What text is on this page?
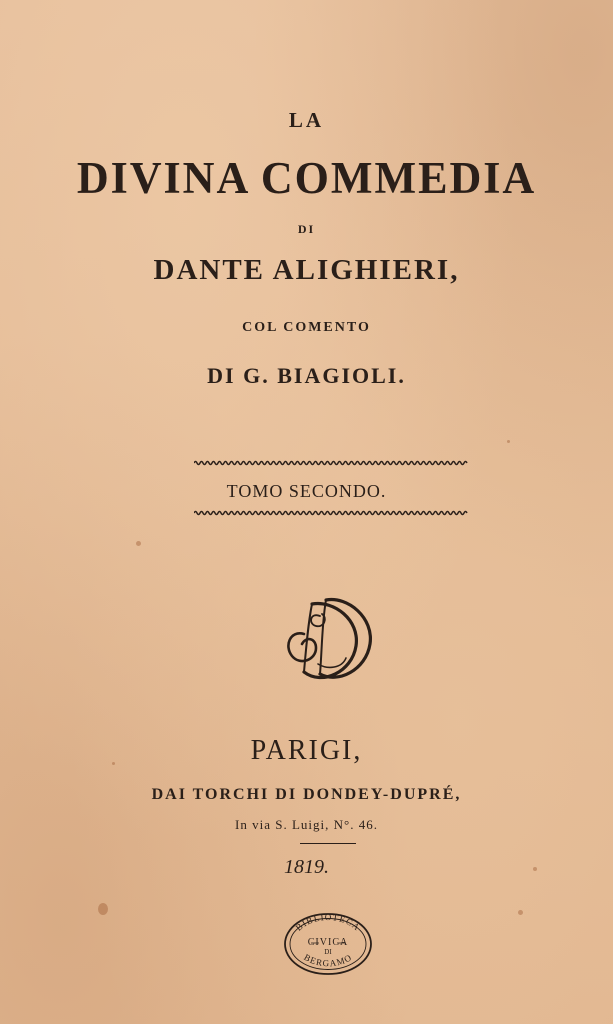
LA
DIVINA COMMEDIA
DI
DANTE ALIGHIERI,
COL COMENTO
DI G. BIAGIOLI.
TOMO SECONDO.
PARIGI,
DAI TORCHI DI DONDEY-DUPRÉ,
In via S. Luigi, N°. 46.
1819.
BIBLIOTECA
CIVICA
DI
BERGAMO
